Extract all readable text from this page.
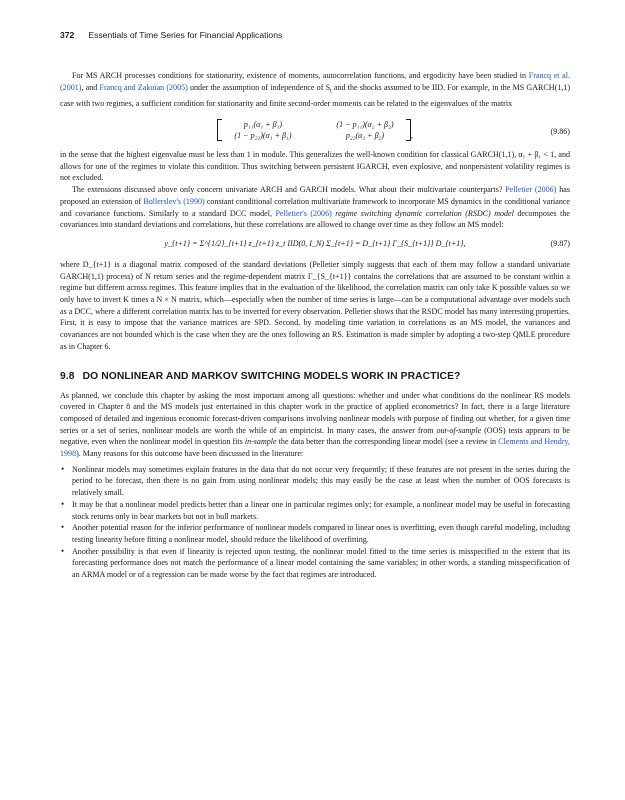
372 Essentials of Time Series for Financial Applications

For MS ARCH processes conditions for stationarity, existence of moments, autocorrelation functions, and ergodicity have been studied in Francq et al. (2001), and Francq and Zakoïan (2005) under the assumption of independence of $S_t$ and the shocks assumed to be IID. For example, in the MS GARCH(1,1) case with two regimes, a sufficient condition for stationarity and finite second-order moments can be related to the eigenvalues of the matrix

p₁₁(α₁ + β₁)	(1 − p₁₁)(α₂ + β₂)
(1 − p₂₂)(α₁ + β₁)	p₂₂(α₂ + β₂)	,	(9.86)

in the sense that the highest eigenvalue must be less than 1 in module. This generalizes the well-known condition for classical GARCH(1,1), α₁ + β₁ < 1, and allows for one of the regimes to violate this condition. Thus switching between persistent IGARCH, even explosive, and nonpersistent volatility regimes is not excluded.

The extensions discussed above only concern univariate ARCH and GARCH models. What about their multivariate counterparts? Pelletier (2006) has proposed an extension of Bollerslev's (1990) constant conditional correlation multivariate framework to incorporate MS dynamics in the conditional variance and covariance functions. Similarly to a standard DCC model, Pelletier's (2006) regime switching dynamic correlation (RSDC) model decomposes the covariances into standard deviations and correlations, but these correlations are allowed to change over time as they follow an MS model:

y_{t+1} = Σ^{1/2}_{t+1} z_{t+1} z_t IID(0, I_N) Σ_{t+1} = D_{t+1} Γ_{S_{t+1}} D_{t+1},	(9.87)

where D_{t+1} is a diagonal matrix composed of the standard deviations (Pelletier simply suggests that each of them may follow a standard univariate GARCH(1,1) process) of N return series and the regime-dependent matrix Γ_{S_{t+1}} contains the correlations that are assumed to be constant within a regime but different across regimes. This feature implies that in the evaluation of the likelihood, the correlation matrix can only take K possible values so we only have to invert K times a N × N matrix, which—especially when the number of time series is large—can be a computational advantage over models such as a DCC, where a different correlation matrix has to be inverted for every observation. Pelletier shows that the RSDC model has many interesting properties. First, it is easy to impose that the variance matrices are SPD. Second, by modeling time variation in correlations as an MS model, the variances and covariances are not bounded which is the case when they are the ones following an RS. Estimation is made simpler by adopting a two-step QMLE procedure as in Chapter 6.

9.8 DO NONLINEAR AND MARKOV SWITCHING MODELS WORK IN PRACTICE?

As planned, we conclude this chapter by asking the most important among all questions: whether and under what conditions do the nonlinear RS models covered in Chapter 8 and the MS models just entertained in this chapter work in the practice of applied econometrics? In fact, there is a large literature composed of detailed and ingenious economic forecast-driven comparisons involving nonlinear models with purpose of finding out whether, for a given time series or a set of series, nonlinear models are worth the while of an empiricist. In many cases, the answer from out-of-sample (OOS) tests appears to be negative, even when the nonlinear model in question fits in-sample the data better than the corresponding linear model (see a review in Clements and Hendry, 1998). Many reasons for this outcome have been discussed in the literature:

• Nonlinear models may sometimes explain features in the data that do not occur very frequently; if these features are not present in the series during the period to be forecast, then there is no gain from using nonlinear models; this may easily be the case at least when the number of OOS forecasts is relatively small.
• It may be that a nonlinear model predicts better than a linear one in particular regimes only; for example, a nonlinear model may be useful in forecasting stock returns only in bear markets but not in bull markets.
• Another potential reason for the inferior performance of nonlinear models compared to linear ones is overfitting, even though careful modeling, including testing linearity before fitting a nonlinear model, should reduce the likelihood of overfitting.
• Another possibility is that even if linearity is rejected upon testing, the nonlinear model fitted to the time series is misspecified to the extent that its forecasting performance does not match the performance of a linear model containing the same variables; in other words, a standing misspecification of an ARMA model or of a regression can be made worse by the fact that regimes are introduced.
